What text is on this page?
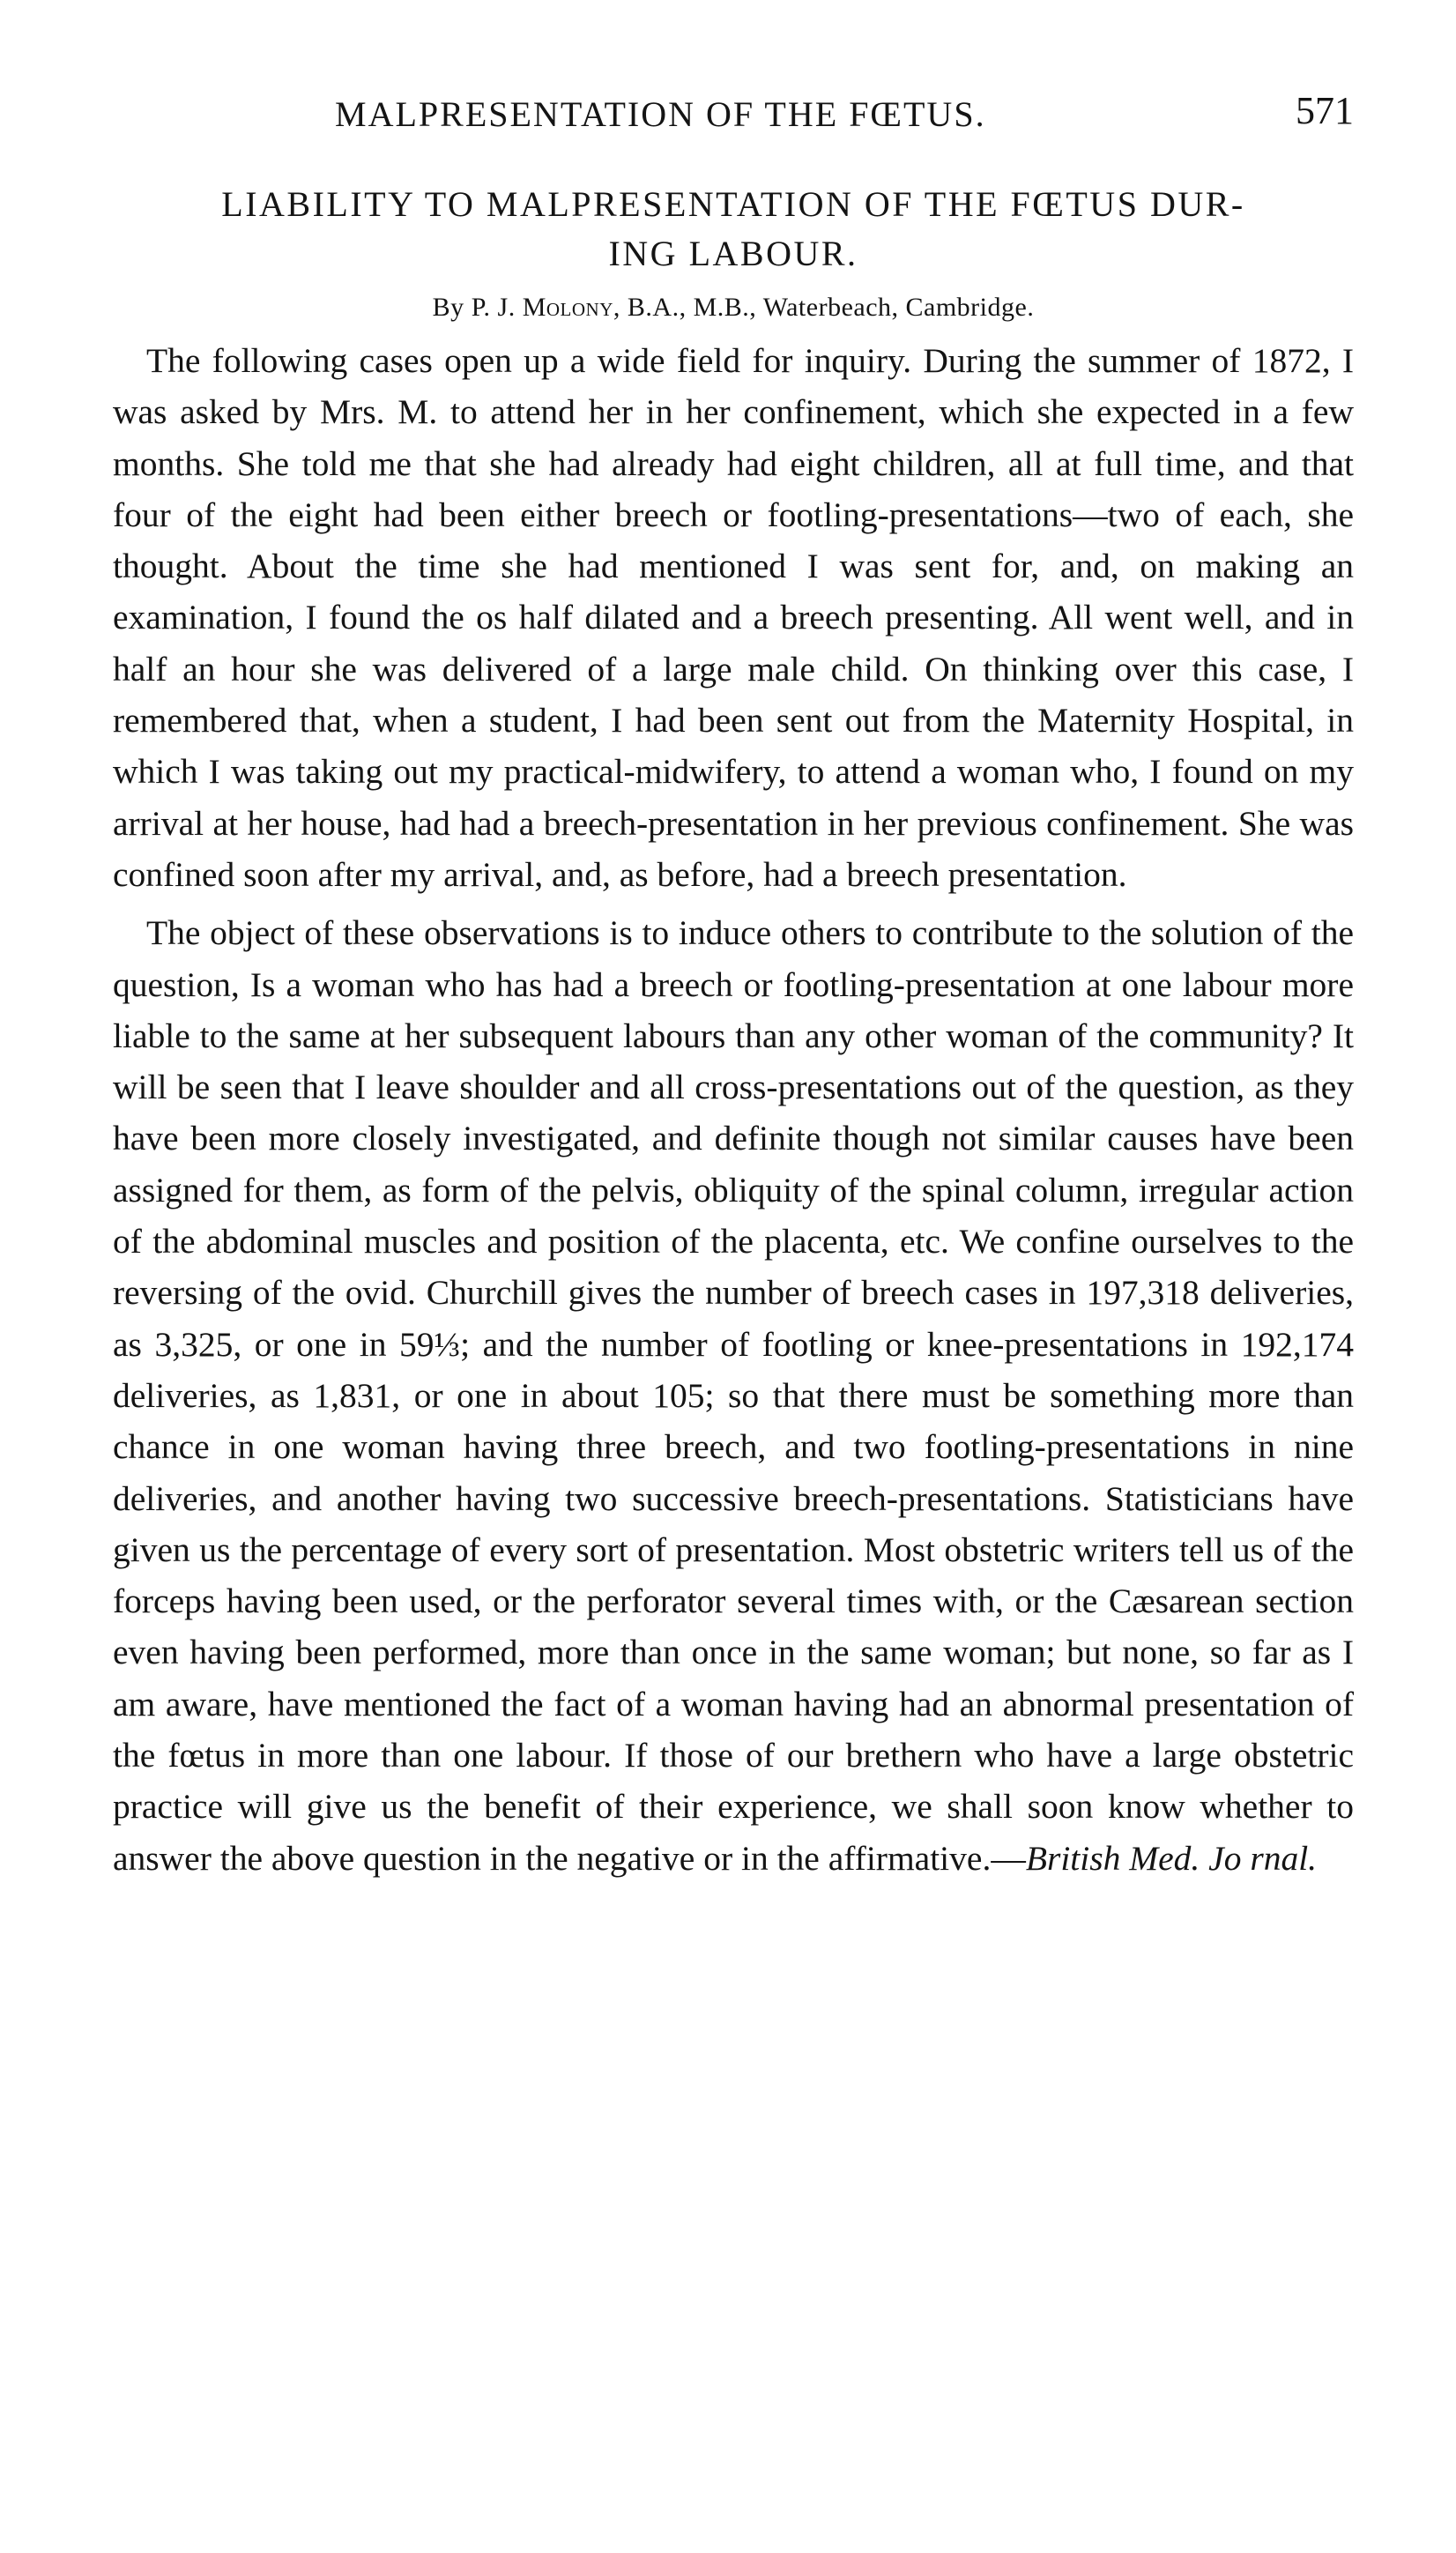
MALPRESENTATION OF THE FŒTUS.	571
LIABILITY TO MALPRESENTATION OF THE FŒTUS DUR-
ING LABOUR.
By P. J. Molony, B.A., M.B., Waterbeach, Cambridge.

The following cases open up a wide field for inquiry. During the summer of 1872, I was asked by Mrs. M. to attend her in her confinement, which she expected in a few months. She told me that she had already had eight children, all at full time, and that four of the eight had been either breech or footling-presentations—two of each, she thought. About the time she had mentioned I was sent for, and, on making an examination, I found the os half dilated and a breech presenting. All went well, and in half an hour she was delivered of a large male child. On thinking over this case, I remembered that, when a student, I had been sent out from the Maternity Hospital, in which I was taking out my practical-midwifery, to attend a woman who, I found on my arrival at her house, had had a breech-presentation in her previous confinement. She was confined soon after my arrival, and, as before, had a breech presentation.

The object of these observations is to induce others to contribute to the solution of the question, Is a woman who has had a breech or footling-presentation at one labour more liable to the same at her subsequent labours than any other woman of the community? It will be seen that I leave shoulder and all cross-presentations out of the question, as they have been more closely investigated, and definite though not similar causes have been assigned for them, as form of the pelvis, obliquity of the spinal column, irregular action of the abdominal muscles and position of the placenta, etc. We confine ourselves to the reversing of the ovid. Churchill gives the number of breech cases in 197,318 deliveries, as 3,325, or one in 59⅓; and the number of footling or knee-presentations in 192,174 deliveries, as 1,831, or one in about 105; so that there must be something more than chance in one woman having three breech, and two footling-presentations in nine deliveries, and another having two successive breech-presentations. Statisticians have given us the percentage of every sort of presentation. Most obstetric writers tell us of the forceps having been used, or the perforator several times with, or the Cæsarean section even having been performed, more than once in the same woman; but none, so far as I am aware, have mentioned the fact of a woman having had an abnormal presentation of the fœtus in more than one labour. If those of our brethern who have a large obstetric practice will give us the benefit of their experience, we shall soon know whether to answer the above question in the negative or in the affirmative.—British Med. Jo rnal.
